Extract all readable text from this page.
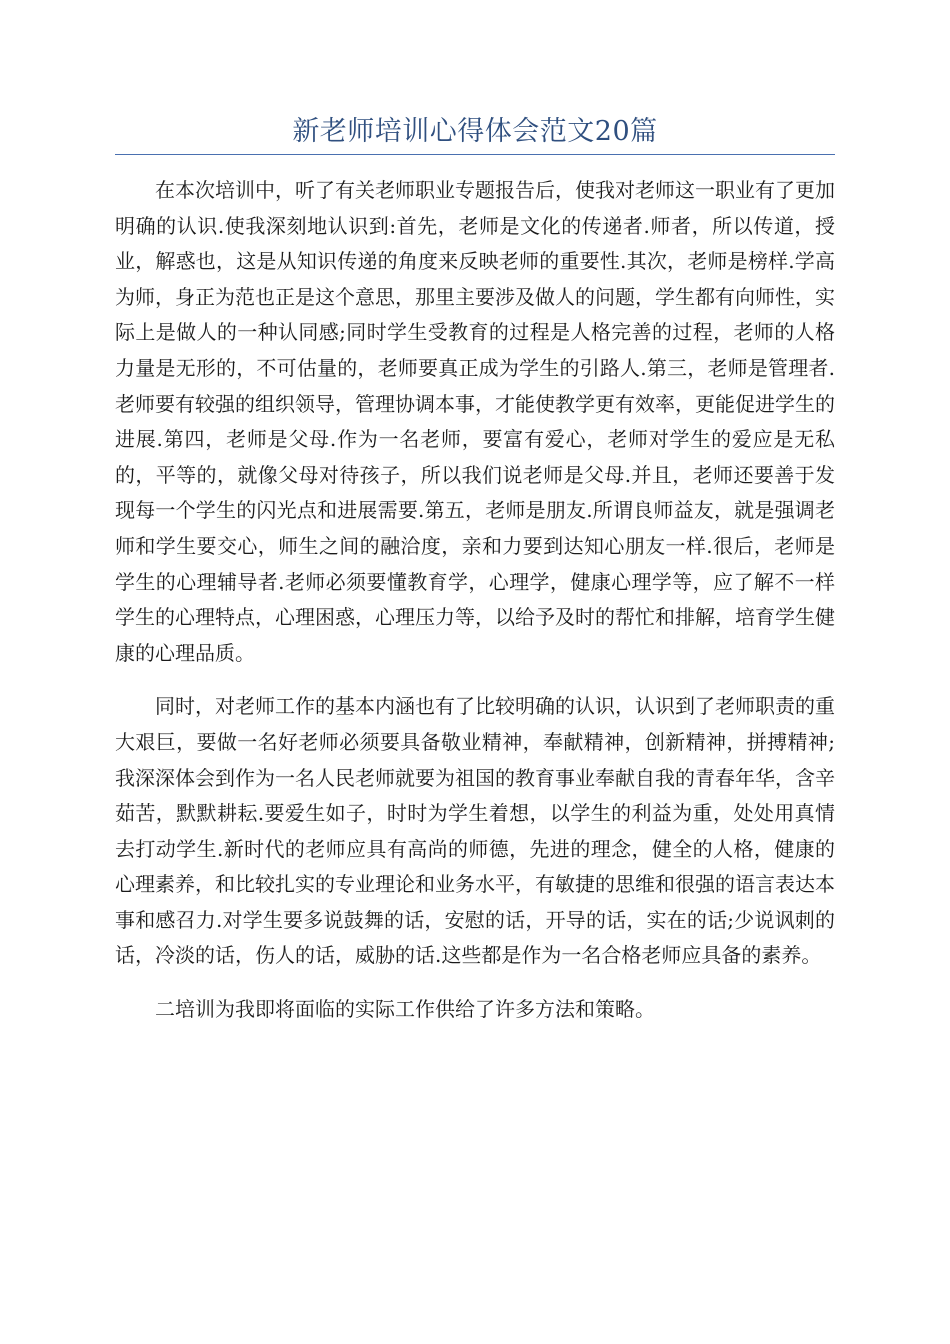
新老师培训心得体会范文20篇

在本次培训中，听了有关老师职业专题报告后，使我对老师这一职业有了更加明确的认识.使我深刻地认识到:首先，老师是文化的传递者.师者，所以传道，授业，解惑也，这是从知识传递的角度来反映老师的重要性.其次，老师是榜样.学高为师，身正为范也正是这个意思，那里主要涉及做人的问题，学生都有向师性，实际上是做人的一种认同感;同时学生受教育的过程是人格完善的过程，老师的人格力量是无形的，不可估量的，老师要真正成为学生的引路人.第三，老师是管理者.老师要有较强的组织领导，管理协调本事，才能使教学更有效率，更能促进学生的进展.第四，老师是父母.作为一名老师，要富有爱心，老师对学生的爱应是无私的，平等的，就像父母对待孩子，所以我们说老师是父母.并且，老师还要善于发现每一个学生的闪光点和进展需要.第五，老师是朋友.所谓良师益友，就是强调老师和学生要交心，师生之间的融洽度，亲和力要到达知心朋友一样.很后，老师是学生的心理辅导者.老师必须要懂教育学，心理学，健康心理学等，应了解不一样学生的心理特点，心理困惑，心理压力等，以给予及时的帮忙和排解，培育学生健康的心理品质。

同时，对老师工作的基本内涵也有了比较明确的认识，认识到了老师职责的重大艰巨，要做一名好老师必须要具备敬业精神，奉献精神，创新精神，拼搏精神;我深深体会到作为一名人民老师就要为祖国的教育事业奉献自我的青春年华，含辛茹苦，默默耕耘.要爱生如子，时时为学生着想，以学生的利益为重，处处用真情去打动学生.新时代的老师应具有高尚的师德，先进的理念，健全的人格，健康的心理素养，和比较扎实的专业理论和业务水平，有敏捷的思维和很强的语言表达本事和感召力.对学生要多说鼓舞的话，安慰的话，开导的话，实在的话;少说讽刺的话，冷淡的话，伤人的话，威胁的话.这些都是作为一名合格老师应具备的素养。

二培训为我即将面临的实际工作供给了许多方法和策略。
